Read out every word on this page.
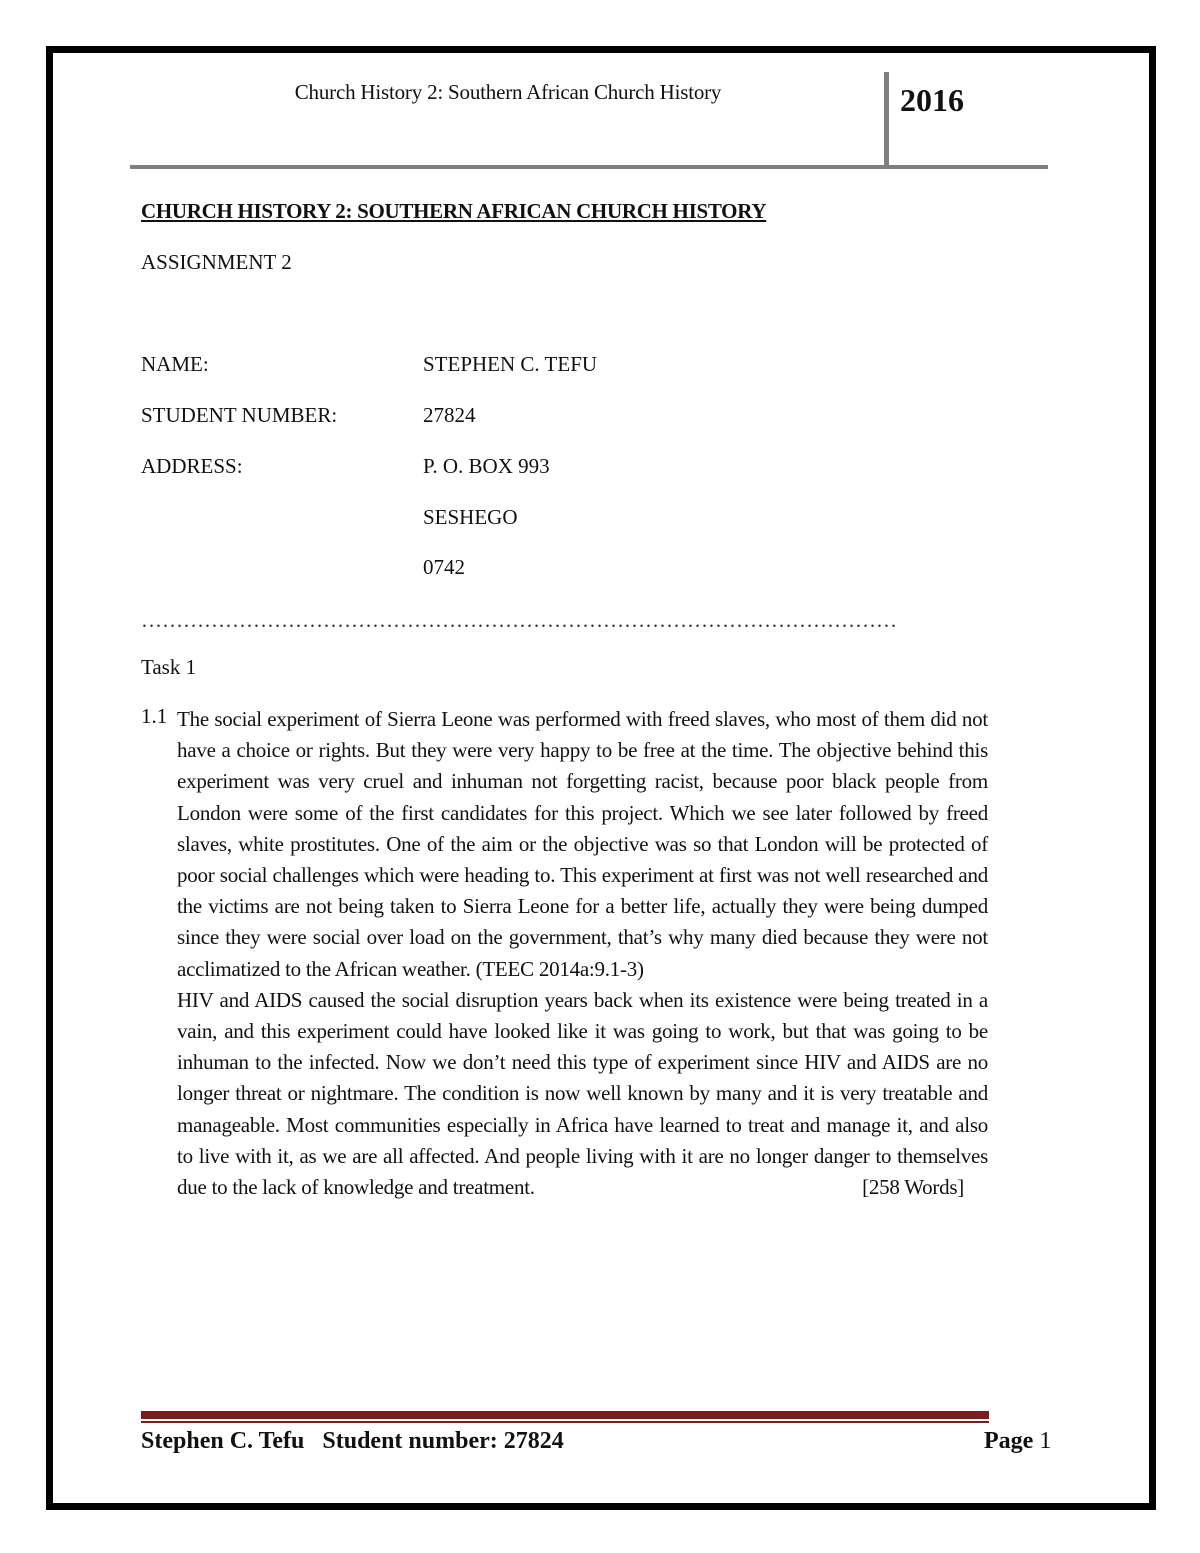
Church History 2: Southern African Church History	2016
CHURCH HISTORY 2: SOUTHERN AFRICAN CHURCH HISTORY
ASSIGNMENT 2
NAME:	STEPHEN C. TEFU
STUDENT NUMBER:	27824
ADDRESS:	P. O. BOX 993
SESHEGO
0742
………………………………………………………………………………………………
Task 1
1.1 The social experiment of Sierra Leone was performed with freed slaves, who most of them did not have a choice or rights. But they were very happy to be free at the time. The objective behind this experiment was very cruel and inhuman not forgetting racist, because poor black people from London were some of the first candidates for this project. Which we see later followed by freed slaves, white prostitutes. One of the aim or the objective was so that London will be protected of poor social challenges which were heading to. This experiment at first was not well researched and the victims are not being taken to Sierra Leone for a better life, actually they were being dumped since they were social over load on the government, that’s why many died because they were not acclimatized to the African weather. (TEEC 2014a:9.1-3)

HIV and AIDS caused the social disruption years back when its existence were being treated in a vain, and this experiment could have looked like it was going to work, but that was going to be inhuman to the infected. Now we don’t need this type of experiment since HIV and AIDS are no longer threat or nightmare. The condition is now well known by many and it is very treatable and manageable. Most communities especially in Africa have learned to treat and manage it, and also to live with it, as we are all affected. And people living with it are no longer danger to themselves due to the lack of knowledge and treatment.	[258 Words]

Stephen C. Tefu   Student number: 27824	Page 1
